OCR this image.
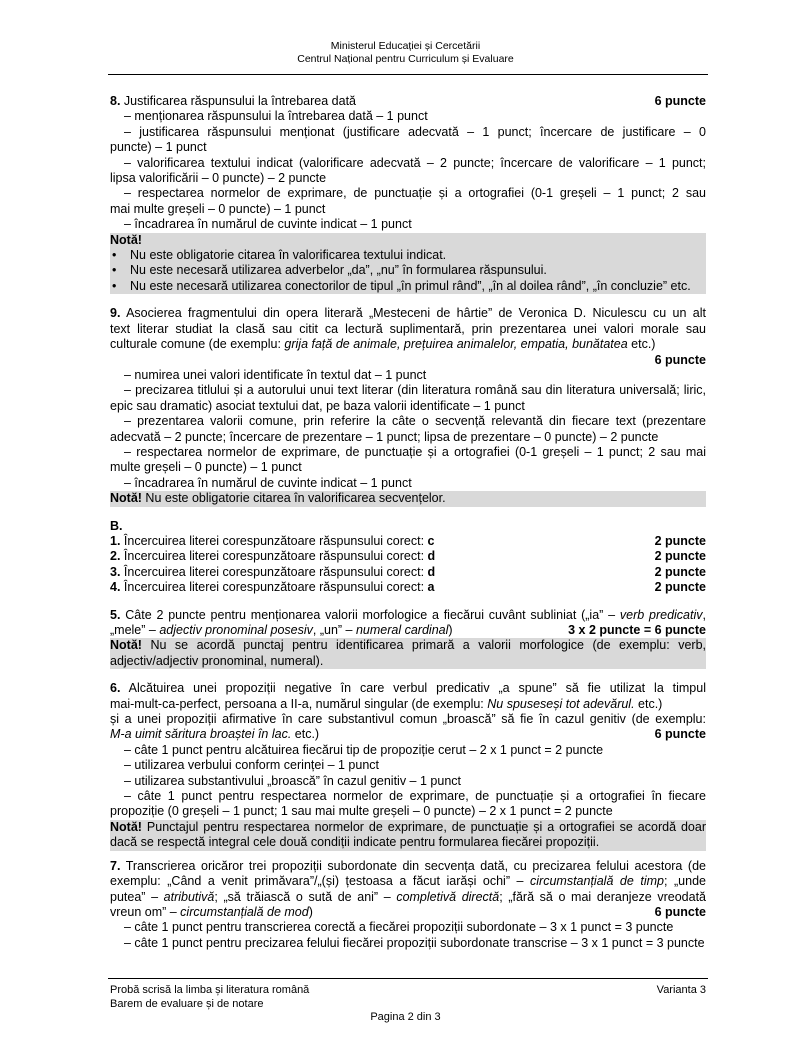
Ministerul Educației și Cercetării
Centrul Național pentru Curriculum și Evaluare
8. Justificarea răspunsului la întrebarea dată	6 puncte
– menționarea răspunsului la întrebarea dată – 1 punct
– justificarea răspunsului menționat (justificare adecvată – 1 punct; încercare de justificare – 0
puncte) – 1 punct
– valorificarea textului indicat (valorificare adecvată – 2 puncte; încercare de valorificare – 1 punct;
lipsa valorificării – 0 puncte) – 2 puncte
– respectarea normelor de exprimare, de punctuație și a ortografiei (0-1 greșeli – 1 punct; 2 sau
mai multe greșeli – 0 puncte) – 1 punct
– încadrarea în numărul de cuvinte indicat – 1 punct
Notă!
• Nu este obligatorie citarea în valorificarea textului indicat.
• Nu este necesară utilizarea adverbelor „da”, „nu” în formularea răspunsului.
• Nu este necesară utilizarea conectorilor de tipul „în primul rând”, „în al doilea rând”, „în concluzie” etc.
9. Asocierea fragmentului din opera literară „Mesteceni de hârtie” de Veronica D. Niculescu cu un alt
text literar studiat la clasă sau citit ca lectură suplimentară, prin prezentarea unei valori morale sau
culturale comune (de exemplu: grija față de animale, prețuirea animalelor, empatia, bunătatea etc.)
6 puncte
– numirea unei valori identificate în textul dat – 1 punct
– precizarea titlului și a autorului unui text literar (din literatura română sau din literatura universală; liric,
epic sau dramatic) asociat textului dat, pe baza valorii identificate – 1 punct
– prezentarea valorii comune, prin referire la câte o secvență relevantă din fiecare text (prezentare
adecvată – 2 puncte; încercare de prezentare – 1 punct; lipsa de prezentare – 0 puncte) – 2 puncte
– respectarea normelor de exprimare, de punctuație și a ortografiei (0-1 greșeli – 1 punct; 2 sau mai
multe greșeli – 0 puncte) – 1 punct
– încadrarea în numărul de cuvinte indicat – 1 punct
Notă! Nu este obligatorie citarea în valorificarea secvențelor.
B.
1. Încercuirea literei corespunzătoare răspunsului corect: c	2 puncte
2. Încercuirea literei corespunzătoare răspunsului corect: d	2 puncte
3. Încercuirea literei corespunzătoare răspunsului corect: d	2 puncte
4. Încercuirea literei corespunzătoare răspunsului corect: a	2 puncte
5. Câte 2 puncte pentru menționarea valorii morfologice a fiecărui cuvânt subliniat („ia” – verb predicativ,
„mele” – adjectiv pronominal posesiv, „un” – numeral cardinal)	3 x 2 puncte = 6 puncte
Notă! Nu se acordă punctaj pentru identificarea primară a valorii morfologice (de exemplu: verb,
adjectiv/adjectiv pronominal, numeral).
6. Alcătuirea unei propoziții negative în care verbul predicativ „a spune” să fie utilizat la timpul
mai-mult-ca-perfect, persoana a II-a, numărul singular (de exemplu: Nu spuseseși tot adevărul. etc.)
și a unei propoziții afirmative în care substantivul comun „broască” să fie în cazul genitiv (de exemplu:
M-a uimit săritura broaștei în lac. etc.)	6 puncte
– câte 1 punct pentru alcătuirea fiecărui tip de propoziție cerut – 2 x 1 punct = 2 puncte
– utilizarea verbului conform cerinței – 1 punct
– utilizarea substantivului „broască” în cazul genitiv – 1 punct
– câte 1 punct pentru respectarea normelor de exprimare, de punctuație și a ortografiei în fiecare
propoziție (0 greșeli – 1 punct; 1 sau mai multe greșeli – 0 puncte) – 2 x 1 punct = 2 puncte
Notă! Punctajul pentru respectarea normelor de exprimare, de punctuație și a ortografiei se acordă doar
dacă se respectă integral cele două condiții indicate pentru formularea fiecărei propoziții.
7. Transcrierea oricăror trei propoziții subordonate din secvența dată, cu precizarea felului acestora (de
exemplu: „Când a venit primăvara”/„(și) țestoasa a făcut iarăși ochi” – circumstanțială de timp; „unde
putea” – atributivă; „să trăiască o sută de ani” – completivă directă; „fără să o mai deranjeze vreodată
vreun om” – circumstanțială de mod)	6 puncte
– câte 1 punct pentru transcrierea corectă a fiecărei propoziții subordonate – 3 x 1 punct = 3 puncte
– câte 1 punct pentru precizarea felului fiecărei propoziții subordonate transcrise – 3 x 1 punct = 3 puncte
Probă scrisă la limba și literatura română
Barem de evaluare și de notare
Varianta 3
Pagina 2 din 3
